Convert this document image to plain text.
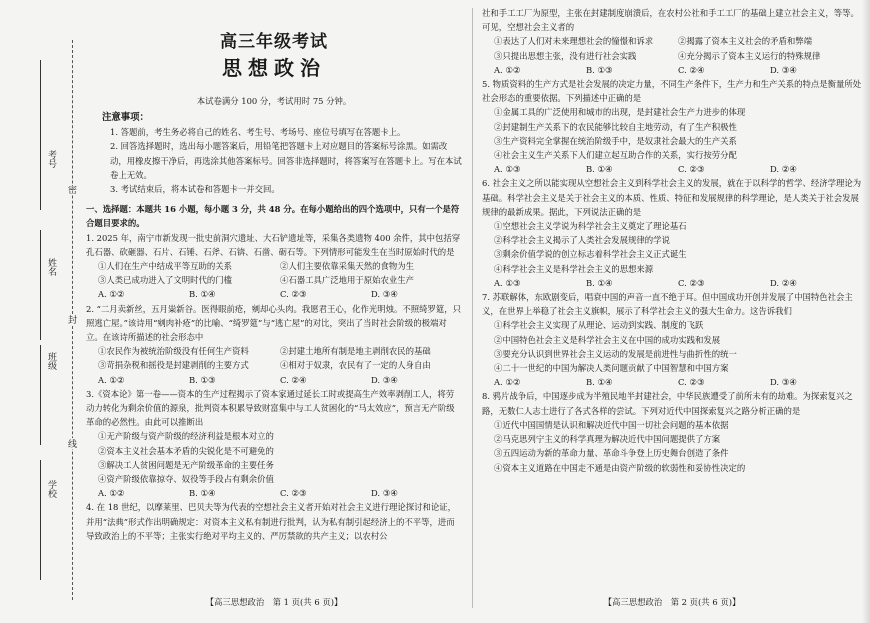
考号
姓名
班级
学校
密
封
线
高三年级考试
思想政治
本试卷满分 100 分，考试用时 75 分钟。
注意事项：

1. 答题前，考生务必将自己的姓名、考生号、考场号、座位号填写在答题卡上。

2. 回答选择题时，选出每小题答案后，用铅笔把答题卡上对应题目的答案标号涂黑。如需改动，用橡皮擦干净后，再选涂其他答案标号。回答非选择题时，将答案写在答题卡上。写在本试卷上无效。

3. 考试结束后，将本试卷和答题卡一并交回。

一、选择题：本题共 16 小题，每小题 3 分，共 48 分。在每小题给出的四个选项中，只有一个是符合题目要求的。

1. 2025 年，南宁市新发现一批史前洞穴遗址、大石铲遗址等，采集各类遗物 400 余件，其中包括穿孔石器、砍砸器、石片、石锤、石斧、石锛、石凿、砺石等。下列情形可能发生在当时原始时代的是

①人们在生产中结成平等互助的关系	②人们主要依靠采集天然的食物为生
③人类已成功进入了文明时代的门槛	④石器工具广泛地用于原始农业生产
A. ①②	B. ①④	C. ②③	D. ③④

2. “二月卖新丝，五月粜新谷。医得眼前疮，剜却心头肉。我愿君王心，化作光明烛。不照绮罗筵，只照逃亡屋。”该诗用“剜肉补疮”的比喻、“绮罗筵”与“逃亡屋”的对比，突出了当时社会阶级的极端对立。在该诗所描述的社会形态中

①农民作为被统治阶级没有任何生产资料	②封建土地所有制是地主剥削农民的基础
③苛捐杂税和摇役是封建剥削的主要方式	④相对于奴隶，农民有了一定的人身自由
A. ①②	B. ①③	C. ②④	D. ③④

3.《资本论》第一卷——资本的生产过程揭示了资本家通过延长工时或提高生产效率剥削工人，将劳动力转化为剩余价值的源泉，批判资本积累导致财富集中与工人贫困化的“马太效应”，预言无产阶级革命的必然性。由此可以推断出

①无产阶级与资产阶级的经济利益是根本对立的

②资本主义社会基本矛盾的尖锐化是不可避免的

③解决工人贫困问题是无产阶级革命的主要任务

④资产阶级依靠掠夺、奴役等手段占有剩余价值

A. ①②	B. ①④	C. ②③	D. ③④

4. 在 18 世纪，以摩莱里、巴贝夫等为代表的空想社会主义者开始对社会主义进行理论探讨和论证，并用“法典”形式作出明确规定：对资本主义私有制进行批判，认为私有制引起经济上的不平等，进而导致政治上的不平等；主张实行绝对平均主义的、严厉禁欲的共产主义；以农村公

社和手工工厂为原型，主张在封建制度崩溃后，在农村公社和手工工厂的基础上建立社会主义，等等。可见，空想社会主义者的

①表达了人们对未来理想社会的憧憬和诉求	②揭露了资本主义社会的矛盾和弊端
③只提出思想主张，没有进行社会实践	④充分揭示了资本主义运行的特殊规律
A. ①②	B. ①③	C. ②④	D. ③④

5. 物质资料的生产方式是社会发展的决定力量，不同生产条件下，生产力和生产关系的特点是衡量所处社会形态的重要依据。下列描述中正确的是

①金属工具的广泛使用和城市的出现，是封建社会生产力进步的体现

②封建制生产关系下的农民能够比较自主地劳动，有了生产积极性

③生产资料完全掌握在统治阶级手中，是奴隶社会最大的生产关系

④社会主义生产关系下人们建立起互助合作的关系，实行按劳分配

A. ①③	B. ①④	C. ②③	D. ②④

6. 社会主义之所以能实现从空想社会主义到科学社会主义的发展，就在于以科学的哲学、经济学理论为基础。科学社会主义是关于社会主义的本质、性质、特征和发展规律的科学理论，是人类关于社会发展规律的最新成果。据此，下列说法正确的是

①空想社会主义学说为科学社会主义奠定了理论基石

②科学社会主义揭示了人类社会发展规律的学说

③剩余价值学说的创立标志着科学社会主义正式诞生

④科学社会主义是科学社会主义的思想来源

A. ①③	B. ①④	C. ②③	D. ②④

7. 苏联解体，东欧剧变后，唱衰中国的声音一直不绝于耳。但中国成功开创并发展了中国特色社会主义，在世界上举稳了社会主义旗帜，展示了科学社会主义的强大生命力。这告诉我们

①科学社会主义实现了从理论、运动到实践、制度的飞跃

②中国特色社会主义是科学社会主义在中国的成功实践和发展

③要充分认识到世界社会主义运动的发展是前进性与曲折性的统一

④二十一世纪的中国为解决人类问题贡献了中国智慧和中国方案

A. ①②	B. ①④	C. ②③	D. ③④

8. 鸦片战争后，中国逐步成为半殖民地半封建社会，中华民族遭受了前所未有的劫难。为探索复兴之路，无数仁人志士进行了各式各样的尝试。下列对近代中国探索复兴之路分析正确的是

①近代中国国情是认识和解决近代中国一切社会问题的基本依据

②马克思列宁主义的科学真理为解决近代中国问题提供了方案

③五四运动为新的革命力量、革命斗争登上历史舞台创造了条件

④资本主义道路在中国走不通是由资产阶级的软弱性和妥协性决定的

【高三思想政治　第 1 页(共 6 页)】	【高三思想政治　第 2 页(共 6 页)】
